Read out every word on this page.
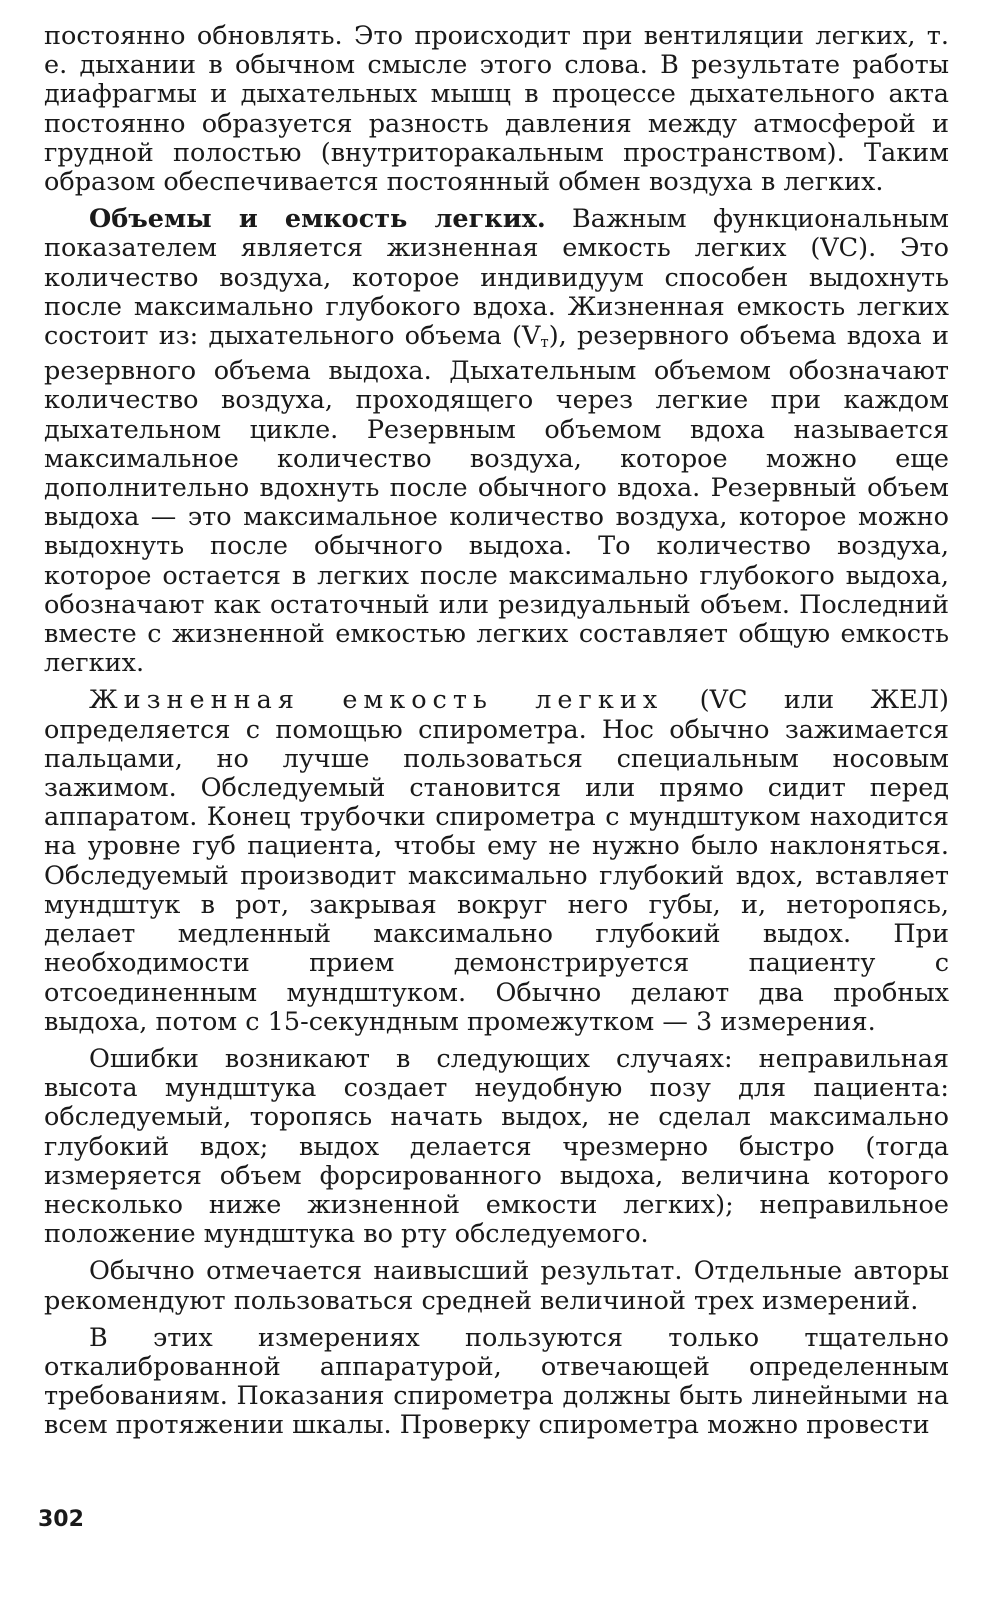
постоянно обновлять. Это происходит при вентиляции легких, т. е. дыхании в обычном смысле этого слова. В результате работы диафрагмы и дыхательных мышц в процессе дыхательного акта постоянно образуется разность давления между атмосферой и грудной полостью (внутриторакальным пространством). Таким образом обеспечивается постоянный обмен воздуха в легких.

Объемы и емкость легких. Важным функциональным показателем является жизненная емкость легких (VC). Это количество воздуха, которое индивидуум способен выдохнуть после максимально глубокого вдоха. Жизненная емкость легких состоит из: дыхательного объема $(V_т)$, резервного объема вдоха и резервного объема выдоха. Дыхательным объемом обозначают количество воздуха, проходящего через легкие при каждом дыхательном цикле. Резервным объемом вдоха называется максимальное количество воздуха, которое можно еще дополнительно вдохнуть после обычного вдоха. Резервный объем выдоха — это максимальное количество воздуха, которое можно выдохнуть после обычного выдоха. То количество воздуха, которое остается в легких после максимально глубокого выдоха, обозначают как остаточный или резидуальный объем. Последний вместе с жизненной емкостью легких составляет общую емкость легких.

Жизненная емкость легких (VC или ЖЕЛ) определяется с помощью спирометра. Нос обычно зажимается пальцами, но лучше пользоваться специальным носовым зажимом. Обследуемый становится или прямо сидит перед аппаратом. Конец трубочки спирометра с мундштуком находится на уровне губ пациента, чтобы ему не нужно было наклоняться. Обследуемый производит максимально глубокий вдох, вставляет мундштук в рот, закрывая вокруг него губы, и, неторопясь, делает медленный максимально глубокий выдох. При необходимости прием демонстрируется пациенту с отсоединенным мундштуком. Обычно делают два пробных выдоха, потом с 15-секундным промежутком — 3 измерения.

Ошибки возникают в следующих случаях: неправильная высота мундштука создает неудобную позу для пациента: обследуемый, торопясь начать выдох, не сделал максимально глубокий вдох; выдох делается чрезмерно быстро (тогда измеряется объем форсированного выдоха, величина которого несколько ниже жизненной емкости легких); неправильное положение мундштука во рту обследуемого.

Обычно отмечается наивысший результат. Отдельные авторы рекомендуют пользоваться средней величиной трех измерений.

В этих измерениях пользуются только тщательно откалиброванной аппаратурой, отвечающей определенным требованиям. Показания спирометра должны быть линейными на всем протяжении шкалы. Проверку спирометра можно провести

302
